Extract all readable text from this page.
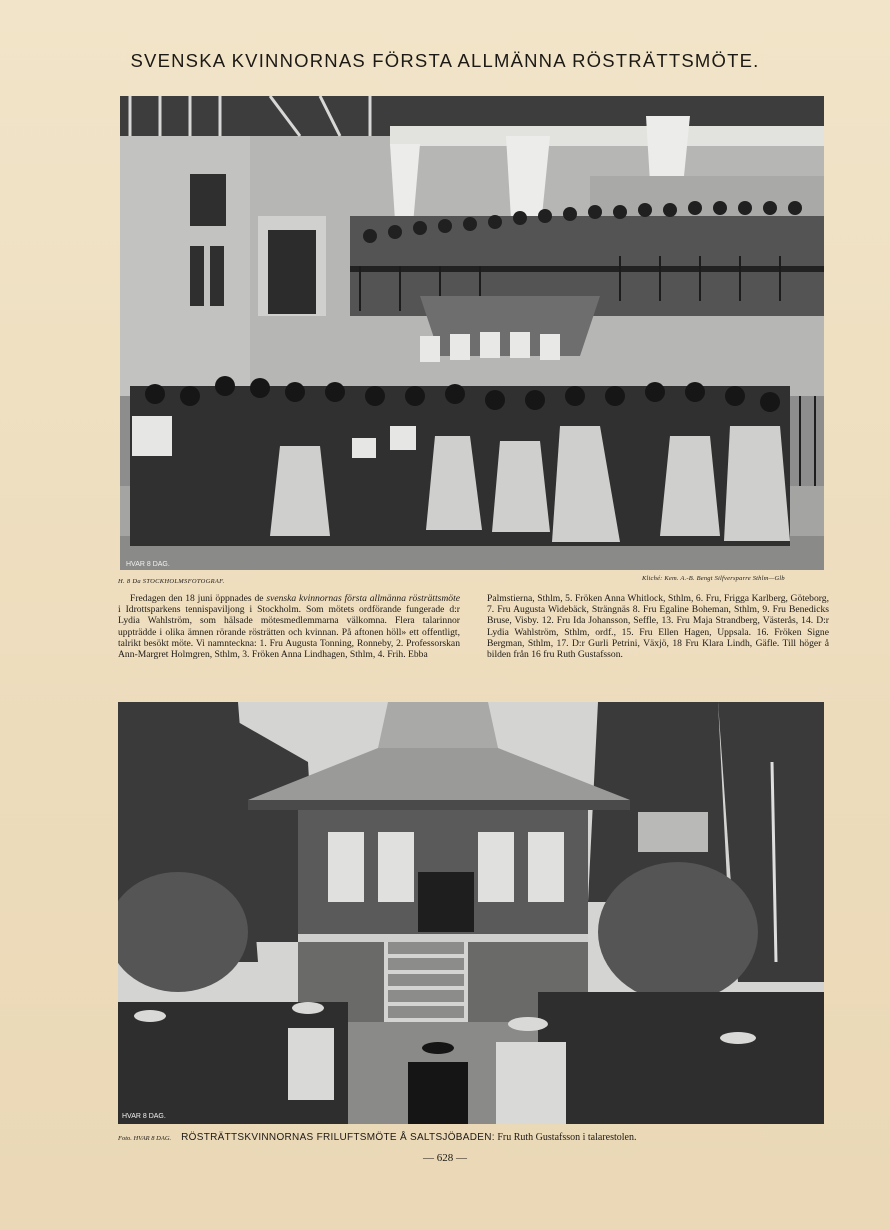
SVENSKA KVINNORNAS FÖRSTA ALLMÄNNA RÖSTRÄTTSMÖTE.
HVAR 8 DAG.
H. 8 Da STOCKHOLMSFOTOGRAF.	Kliché: Kem. A.-B. Bengt Silfversparre Sthlm—Glb

Fredagen den 18 juni öppnades de svenska kvinnornas första allmänna rösträttsmöte i Idrottsparkens tennispaviljong i Stockholm. Som mötets ordförande fungerade d:r Lydia Wahlström, som hälsade mötesmedlemmarna välkomna. Flera talarinnor uppträdde i olika ämnen rörande rösträtten och kvinnan. På aftonen höll» ett offentligt, talrikt besökt möte. Vi namnteckna: 1. Fru Augusta Tonning, Ronneby, 2. Professorskan Ann-Margret Holmgren, Sthlm, 3. Fröken Anna Lindhagen, Sthlm, 4. Frih. Ebba

Palmstierna, Sthlm, 5. Fröken Anna Whitlock, Sthlm, 6. Fru, Frigga Karlberg, Göteborg, 7. Fru Augusta Widebäck, Strängnäs 8. Fru Egaline Boheman, Sthlm, 9. Fru Benedicks Bruse, Visby. 12. Fru Ida Johansson, Seffle, 13. Fru Maja Strandberg, Västerås, 14. D:r Lydia Wahlström, Sthlm, ordf., 15. Fru Ellen Hagen, Uppsala. 16. Fröken Signe Bergman, Sthlm, 17. D:r Gurli Petrini, Växjö, 18 Fru Klara Lindh, Gäfle. Till höger å bilden från 16 fru Ruth Gustafsson.

HVAR 8 DAG.
Foto. HVAR 8 DAG. RÖSTRÄTTSKVINNORNAS FRILUFTSMÖTE Å SALTSJÖBADEN: Fru Ruth Gustafsson i talarestolen.
— 628 —
